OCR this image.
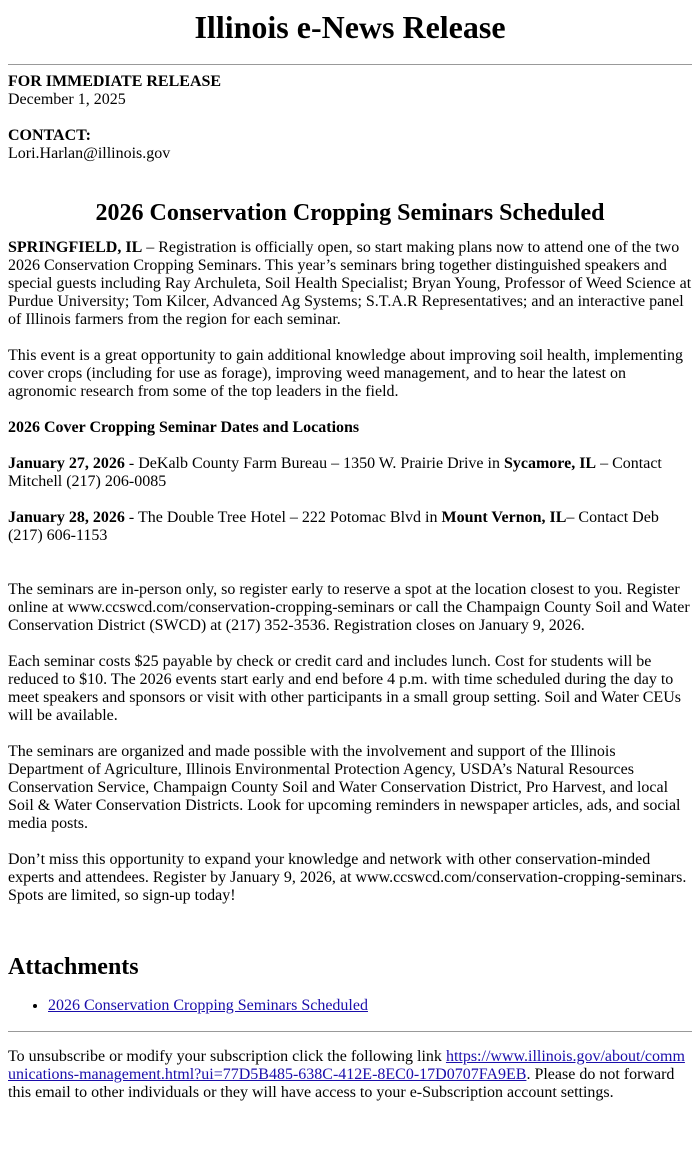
Illinois e-News Release

FOR IMMEDIATE RELEASE
December 1, 2025

CONTACT:
Lori.Harlan@illinois.gov

2026 Conservation Cropping Seminars Scheduled

SPRINGFIELD, IL – Registration is officially open, so start making plans now to attend one of the two 2026 Conservation Cropping Seminars. This year’s seminars bring together distinguished speakers and special guests including Ray Archuleta, Soil Health Specialist; Bryan Young, Professor of Weed Science at Purdue University; Tom Kilcer, Advanced Ag Systems; S.T.A.R Representatives; and an interactive panel of Illinois farmers from the region for each seminar.

This event is a great opportunity to gain additional knowledge about improving soil health, implementing cover crops (including for use as forage), improving weed management, and to hear the latest on agronomic research from some of the top leaders in the field.

2026 Cover Cropping Seminar Dates and Locations

January 27, 2026 - DeKalb County Farm Bureau – 1350 W. Prairie Drive in Sycamore, IL – Contact Mitchell (217) 206-0085

January 28, 2026 - The Double Tree Hotel – 222 Potomac Blvd in Mount Vernon, IL– Contact Deb (217) 606-1153

The seminars are in-person only, so register early to reserve a spot at the location closest to you. Register online at www.ccswcd.com/conservation-cropping-seminars or call the Champaign County Soil and Water Conservation District (SWCD) at (217) 352-3536. Registration closes on January 9, 2026.

Each seminar costs $25 payable by check or credit card and includes lunch. Cost for students will be reduced to $10. The 2026 events start early and end before 4 p.m. with time scheduled during the day to meet speakers and sponsors or visit with other participants in a small group setting. Soil and Water CEUs will be available.

The seminars are organized and made possible with the involvement and support of the Illinois Department of Agriculture, Illinois Environmental Protection Agency, USDA’s Natural Resources Conservation Service, Champaign County Soil and Water Conservation District, Pro Harvest, and local Soil & Water Conservation Districts. Look for upcoming reminders in newspaper articles, ads, and social media posts.

Don’t miss this opportunity to expand your knowledge and network with other conservation-minded experts and attendees. Register by January 9, 2026, at www.ccswcd.com/conservation-cropping-seminars. Spots are limited, so sign-up today!

Attachments
• 2026 Conservation Cropping Seminars Scheduled

To unsubscribe or modify your subscription click the following link https://www.illinois.gov/about/communications-management.html?ui=77D5B485-638C-412E-8EC0-17D0707FA9EB. Please do not forward this email to other individuals or they will have access to your e-Subscription account settings.
